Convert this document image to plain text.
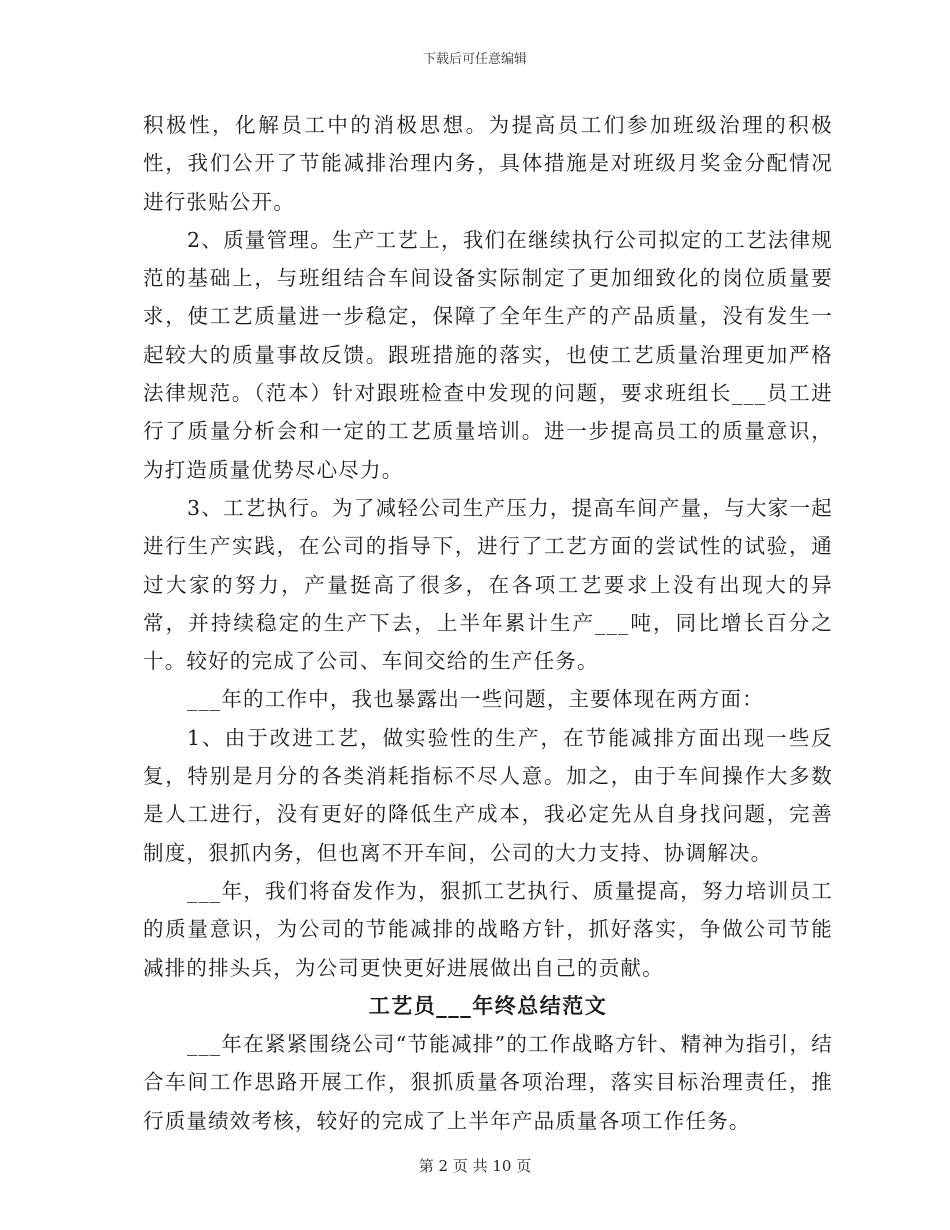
下载后可任意编辑

积极性，化解员工中的消极思想。为提高员工们参加班级治理的积极性，我们公开了节能减排治理内务，具体措施是对班级月奖金分配情况进行张贴公开。

2、质量管理。生产工艺上，我们在继续执行公司拟定的工艺法律规范的基础上，与班组结合车间设备实际制定了更加细致化的岗位质量要求，使工艺质量进一步稳定，保障了全年生产的产品质量，没有发生一起较大的质量事故反馈。跟班措施的落实，也使工艺质量治理更加严格法律规范。（范本）针对跟班检查中发现的问题，要求班组长___员工进行了质量分析会和一定的工艺质量培训。进一步提高员工的质量意识，为打造质量优势尽心尽力。

3、工艺执行。为了减轻公司生产压力，提高车间产量，与大家一起进行生产实践，在公司的指导下，进行了工艺方面的尝试性的试验，通过大家的努力，产量挺高了很多，在各项工艺要求上没有出现大的异常，并持续稳定的生产下去，上半年累计生产___吨，同比增长百分之十。较好的完成了公司、车间交给的生产任务。

___年的工作中，我也暴露出一些问题，主要体现在两方面：

1、由于改进工艺，做实验性的生产，在节能减排方面出现一些反复，特别是月分的各类消耗指标不尽人意。加之，由于车间操作大多数是人工进行，没有更好的降低生产成本，我必定先从自身找问题，完善制度，狠抓内务，但也离不开车间，公司的大力支持、协调解决。

___年，我们将奋发作为，狠抓工艺执行、质量提高，努力培训员工的质量意识，为公司的节能减排的战略方针，抓好落实，争做公司节能减排的排头兵，为公司更快更好进展做出自己的贡献。

工艺员___年终总结范文

___年在紧紧围绕公司“节能减排”的工作战略方针、精神为指引，结合车间工作思路开展工作，狠抓质量各项治理，落实目标治理责任，推行质量绩效考核，较好的完成了上半年产品质量各项工作任务。

第 2 页 共 10 页
